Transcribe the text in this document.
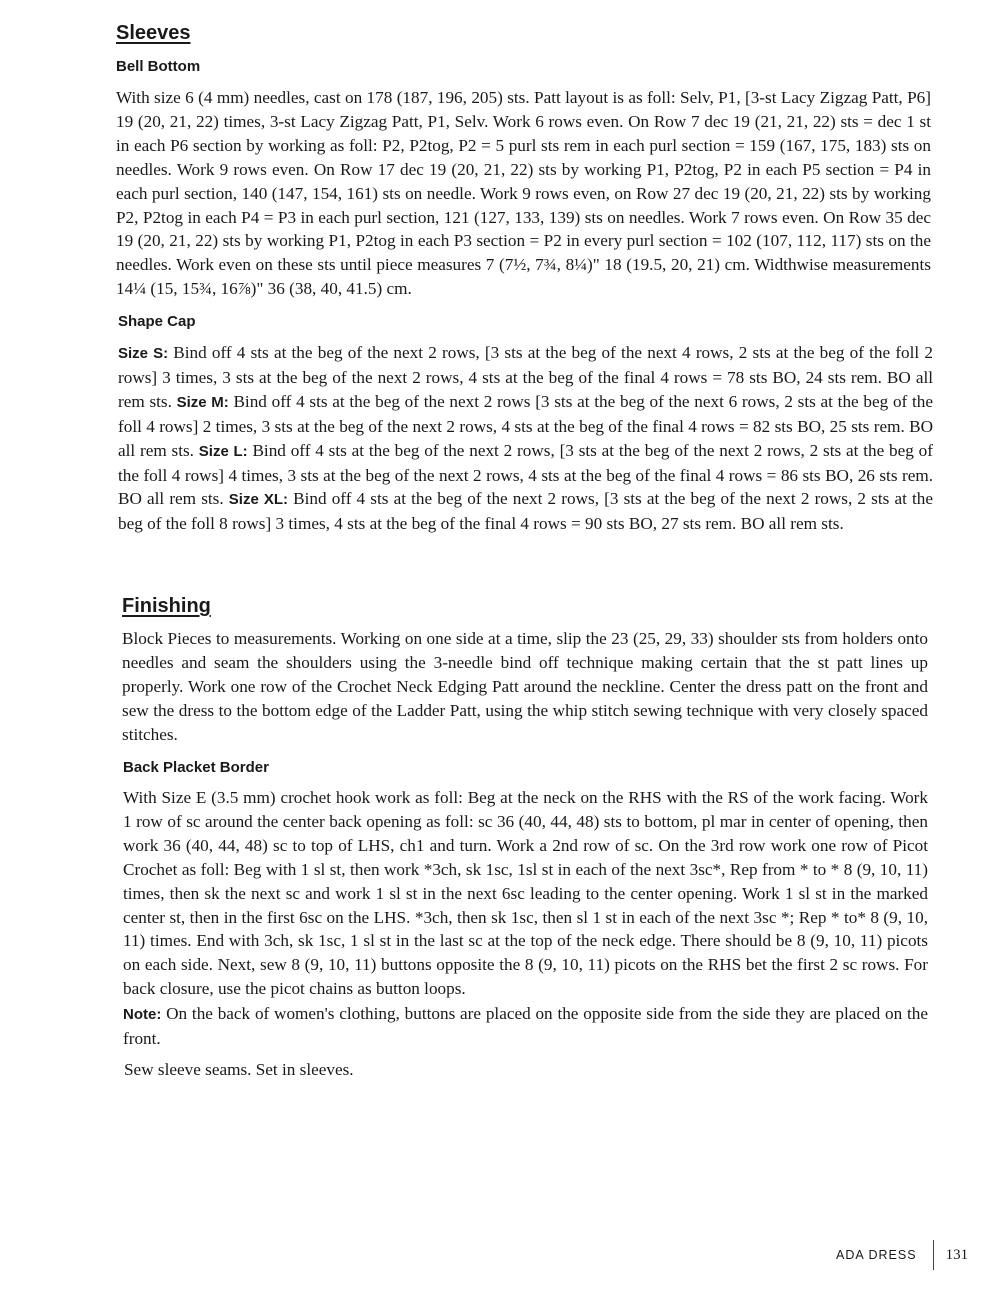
Sleeves
Bell Bottom

With size 6 (4 mm) needles, cast on 178 (187, 196, 205) sts. Patt layout is as foll: Selv, P1, [3-st Lacy Zigzag Patt, P6] 19 (20, 21, 22) times, 3-st Lacy Zigzag Patt, P1, Selv. Work 6 rows even. On Row 7 dec 19 (21, 21, 22) sts = dec 1 st in each P6 section by working as foll: P2, P2tog, P2 = 5 purl sts rem in each purl section = 159 (167, 175, 183) sts on needles. Work 9 rows even. On Row 17 dec 19 (20, 21, 22) sts by working P1, P2tog, P2 in each P5 section = P4 in each purl section, 140 (147, 154, 161) sts on needle. Work 9 rows even, on Row 27 dec 19 (20, 21, 22) sts by working P2, P2tog in each P4 = P3 in each purl section, 121 (127, 133, 139) sts on needles. Work 7 rows even. On Row 35 dec 19 (20, 21, 22) sts by working P1, P2tog in each P3 section = P2 in every purl section = 102 (107, 112, 117) sts on the needles. Work even on these sts until piece measures 7 (7½, 7¾, 8¼)" 18 (19.5, 20, 21) cm. Widthwise measurements 14¼ (15, 15¾, 16⅞)" 36 (38, 40, 41.5) cm.

Shape Cap

Size S: Bind off 4 sts at the beg of the next 2 rows, [3 sts at the beg of the next 4 rows, 2 sts at the beg of the foll 2 rows] 3 times, 3 sts at the beg of the next 2 rows, 4 sts at the beg of the final 4 rows = 78 sts BO, 24 sts rem. BO all rem sts. Size M: Bind off 4 sts at the beg of the next 2 rows [3 sts at the beg of the next 6 rows, 2 sts at the beg of the foll 4 rows] 2 times, 3 sts at the beg of the next 2 rows, 4 sts at the beg of the final 4 rows = 82 sts BO, 25 sts rem. BO all rem sts. Size L: Bind off 4 sts at the beg of the next 2 rows, [3 sts at the beg of the next 2 rows, 2 sts at the beg of the foll 4 rows] 4 times, 3 sts at the beg of the next 2 rows, 4 sts at the beg of the final 4 rows = 86 sts BO, 26 sts rem. BO all rem sts. Size XL: Bind off 4 sts at the beg of the next 2 rows, [3 sts at the beg of the next 2 rows, 2 sts at the beg of the foll 8 rows] 3 times, 4 sts at the beg of the final 4 rows = 90 sts BO, 27 sts rem. BO all rem sts.

Finishing

Block Pieces to measurements. Working on one side at a time, slip the 23 (25, 29, 33) shoulder sts from holders onto needles and seam the shoulders using the 3-needle bind off technique making certain that the st patt lines up properly. Work one row of the Crochet Neck Edging Patt around the neckline. Center the dress patt on the front and sew the dress to the bottom edge of the Ladder Patt, using the whip stitch sewing technique with very closely spaced stitches.

Back Placket Border

With Size E (3.5 mm) crochet hook work as foll: Beg at the neck on the RHS with the RS of the work facing. Work 1 row of sc around the center back opening as foll: sc 36 (40, 44, 48) sts to bottom, pl mar in center of opening, then work 36 (40, 44, 48) sc to top of LHS, ch1 and turn. Work a 2nd row of sc. On the 3rd row work one row of Picot Crochet as foll: Beg with 1 sl st, then work *3ch, sk 1sc, 1sl st in each of the next 3sc*, Rep from * to * 8 (9, 10, 11) times, then sk the next sc and work 1 sl st in the next 6sc leading to the center opening. Work 1 sl st in the marked center st, then in the first 6sc on the LHS. *3ch, then sk 1sc, then sl 1 st in each of the next 3sc *; Rep * to* 8 (9, 10, 11) times. End with 3ch, sk 1sc, 1 sl st in the last sc at the top of the neck edge. There should be 8 (9, 10, 11) picots on each side. Next, sew 8 (9, 10, 11) buttons opposite the 8 (9, 10, 11) picots on the RHS bet the first 2 sc rows. For back closure, use the picot chains as button loops.

Note: On the back of women's clothing, buttons are placed on the opposite side from the side they are placed on the front.

Sew sleeve seams. Set in sleeves.

ADA DRESS 131
